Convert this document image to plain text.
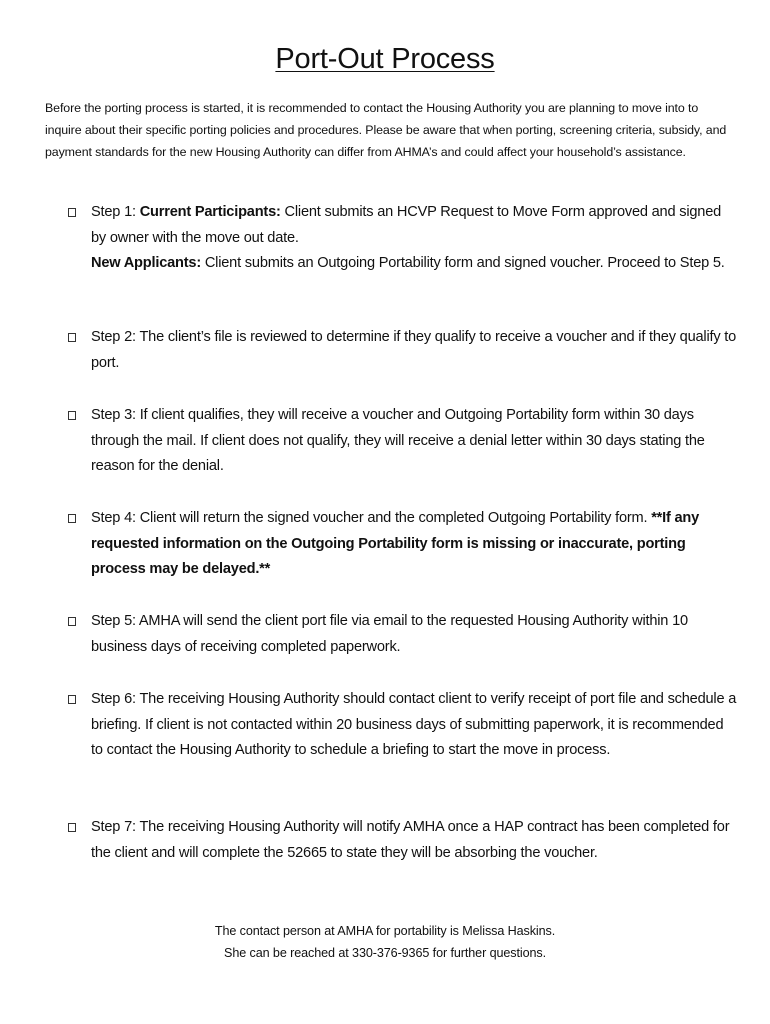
Port-Out Process

Before the porting process is started, it is recommended to contact the Housing Authority you are planning to move into to inquire about their specific porting policies and procedures. Please be aware that when porting, screening criteria, subsidy, and payment standards for the new Housing Authority can differ from AHMA’s and could affect your household’s assistance.

Step 1: Current Participants: Client submits an HCVP Request to Move Form approved and signed by owner with the move out date.
New Applicants: Client submits an Outgoing Portability form and signed voucher. Proceed to Step 5.
Step 2: The client’s file is reviewed to determine if they qualify to receive a voucher and if they qualify to port.
Step 3: If client qualifies, they will receive a voucher and Outgoing Portability form within 30 days through the mail. If client does not qualify, they will receive a denial letter within 30 days stating the reason for the denial.
Step 4: Client will return the signed voucher and the completed Outgoing Portability form. **If any requested information on the Outgoing Portability form is missing or inaccurate, porting process may be delayed.**
Step 5: AMHA will send the client port file via email to the requested Housing Authority within 10 business days of receiving completed paperwork.
Step 6: The receiving Housing Authority should contact client to verify receipt of port file and schedule a briefing. If client is not contacted within 20 business days of submitting paperwork, it is recommended to contact the Housing Authority to schedule a briefing to start the move in process.
Step 7: The receiving Housing Authority will notify AMHA once a HAP contract has been completed for the client and will complete the 52665 to state they will be absorbing the voucher.
The contact person at AMHA for portability is Melissa Haskins.
She can be reached at 330-376-9365 for further questions.
